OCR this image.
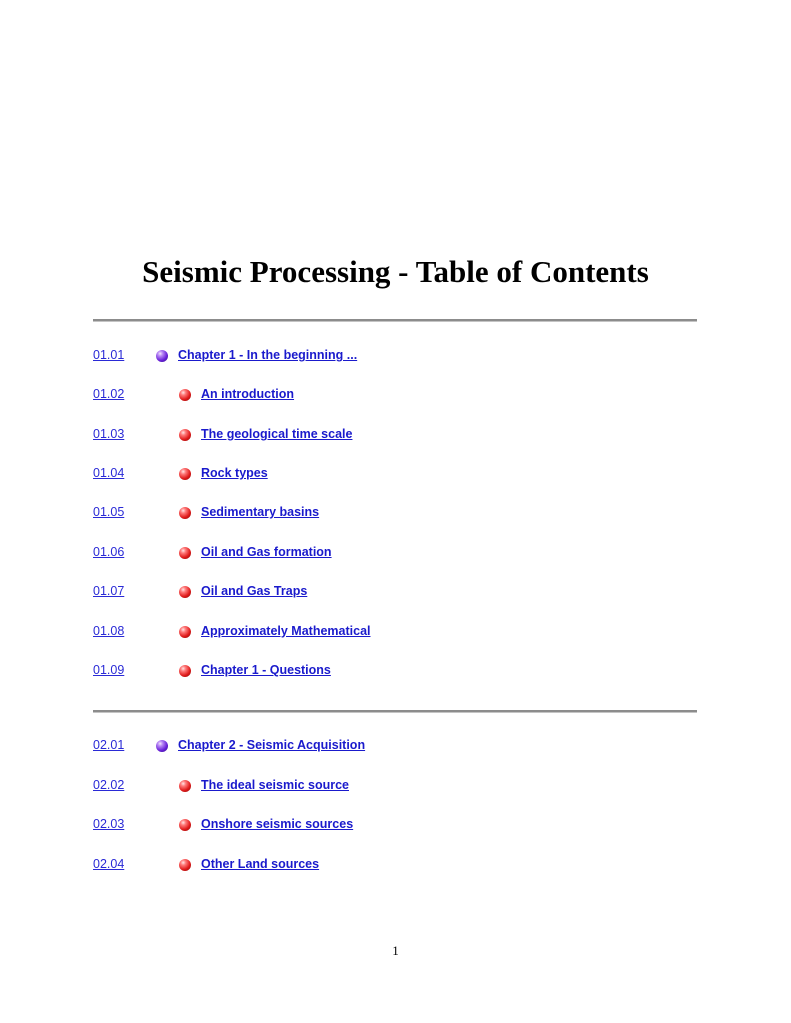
Seismic Processing - Table of Contents
01.01	Chapter 1 - In the beginning ...
01.02	An introduction
01.03	The geological time scale
01.04	Rock types
01.05	Sedimentary basins
01.06	Oil and Gas formation
01.07	Oil and Gas Traps
01.08	Approximately Mathematical
01.09	Chapter 1 - Questions
02.01	Chapter 2 - Seismic Acquisition
02.02	The ideal seismic source
02.03	Onshore seismic sources
02.04	Other Land sources
1
